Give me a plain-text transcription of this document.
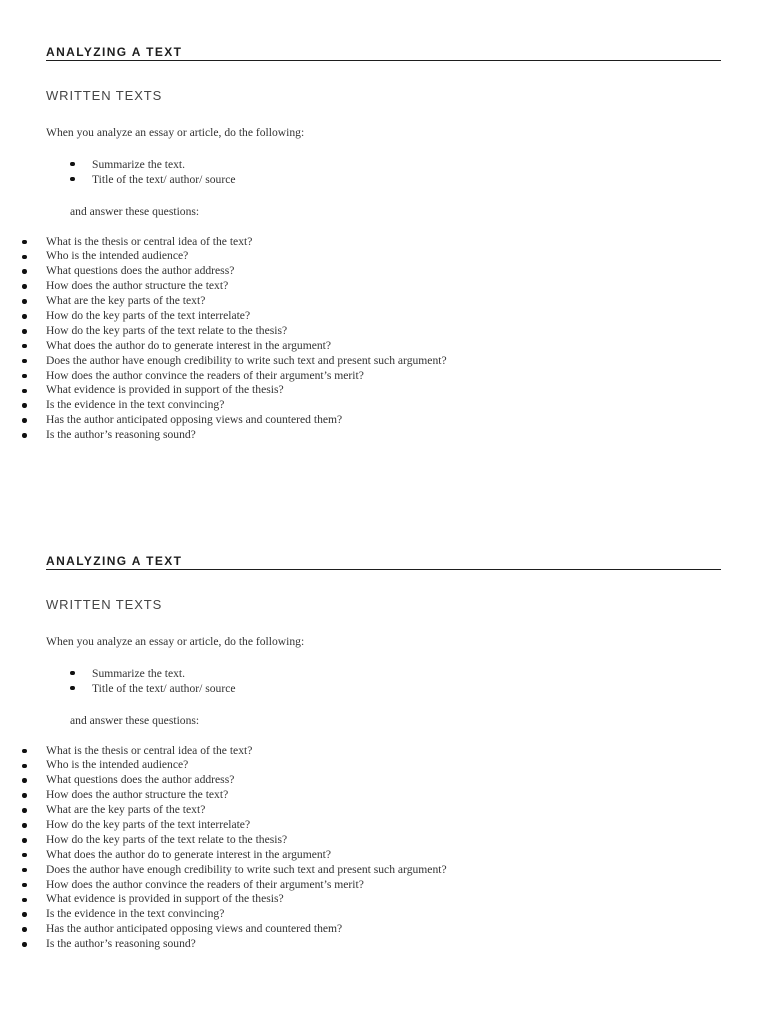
ANALYZING A TEXT
WRITTEN TEXTS

When you analyze an essay or article, do the following:

Summarize the text.
Title of the text/ author/ source

and answer these questions:

What is the thesis or central idea of the text?
Who is the intended audience?
What questions does the author address?
How does the author structure the text?
What are the key parts of the text?
How do the key parts of the text interrelate?
How do the key parts of the text relate to the thesis?
What does the author do to generate interest in the argument?
Does the author have enough credibility to write such text and present such argument?
How does the author convince the readers of their argument’s merit?
What evidence is provided in support of the thesis?
Is the evidence in the text convincing?
Has the author anticipated opposing views and countered them?
Is the author’s reasoning sound?
ANALYZING A TEXT
WRITTEN TEXTS

When you analyze an essay or article, do the following:

Summarize the text.
Title of the text/ author/ source

and answer these questions:

What is the thesis or central idea of the text?
Who is the intended audience?
What questions does the author address?
How does the author structure the text?
What are the key parts of the text?
How do the key parts of the text interrelate?
How do the key parts of the text relate to the thesis?
What does the author do to generate interest in the argument?
Does the author have enough credibility to write such text and present such argument?
How does the author convince the readers of their argument’s merit?
What evidence is provided in support of the thesis?
Is the evidence in the text convincing?
Has the author anticipated opposing views and countered them?
Is the author’s reasoning sound?
